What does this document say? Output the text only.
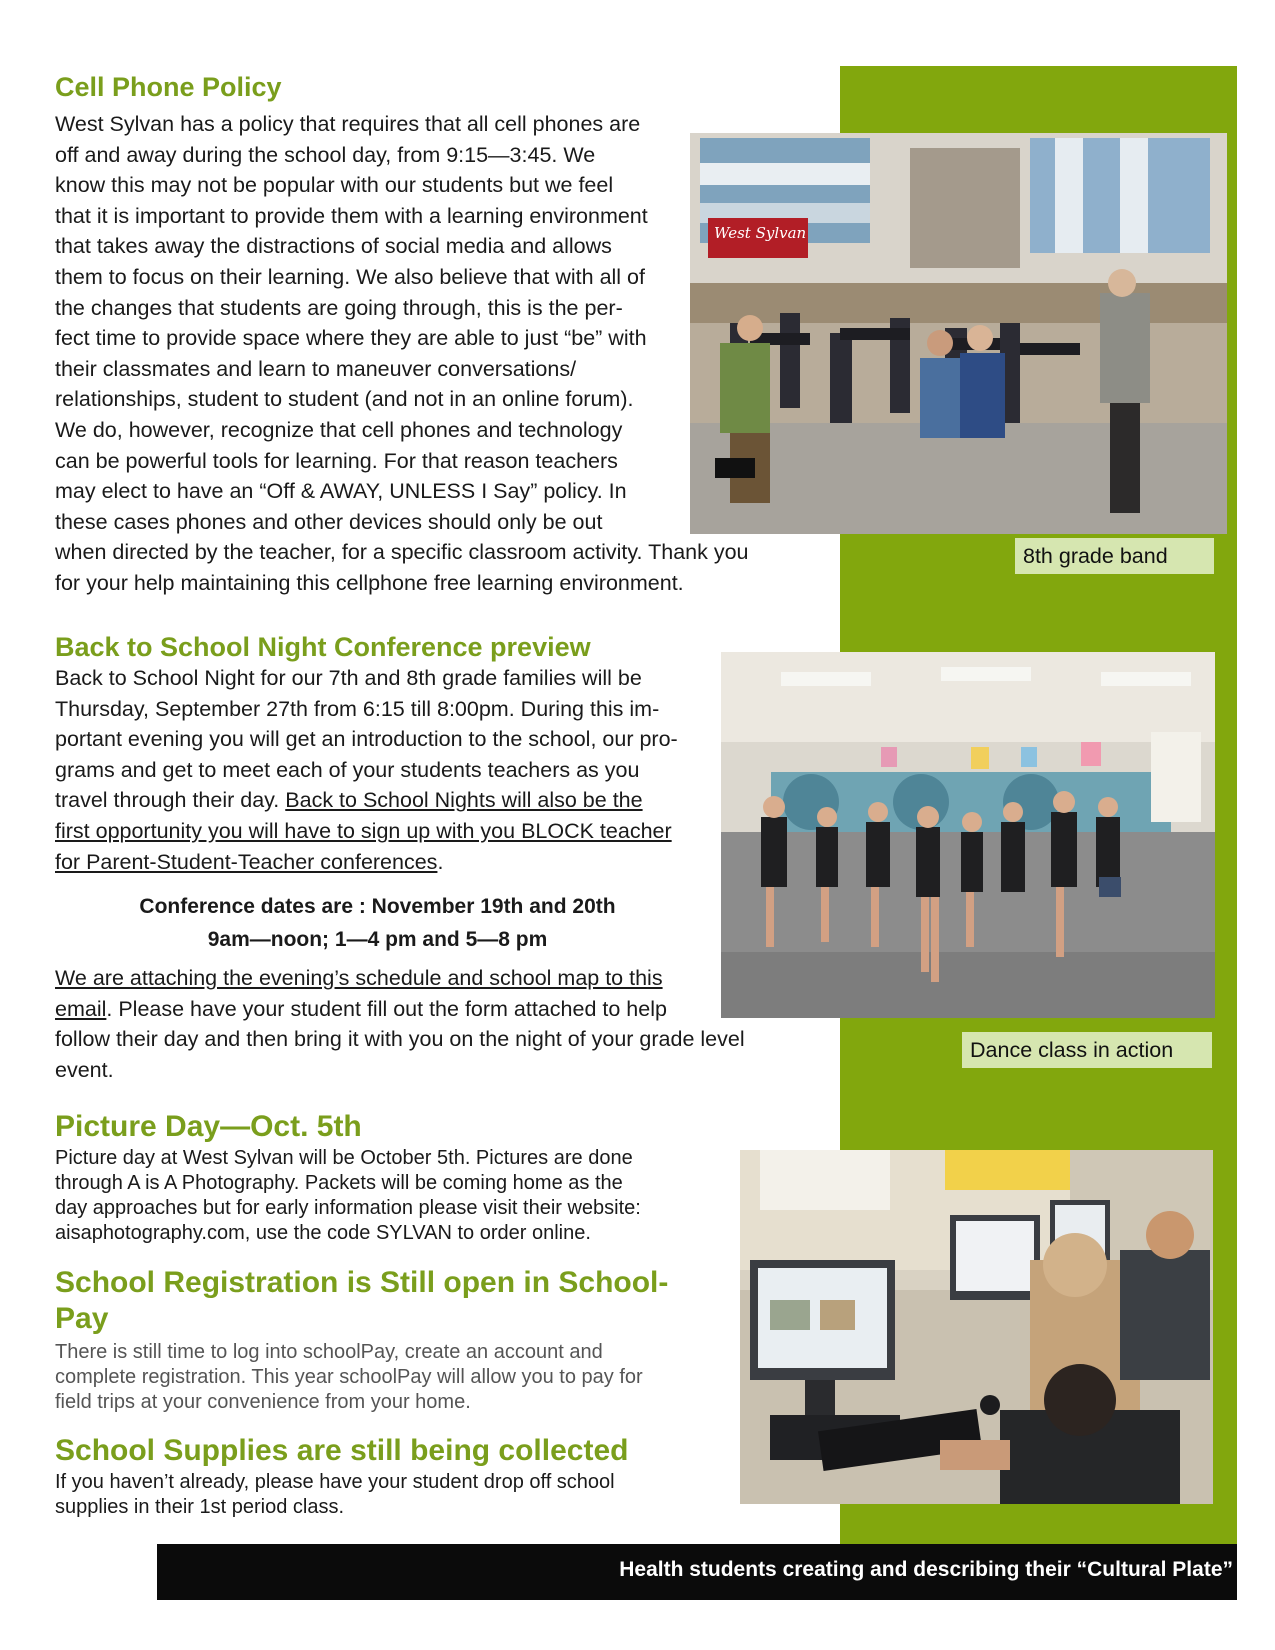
Health students creating and describing their “Cultural Plate”
Cell Phone Policy
West Sylvan has a policy that requires that all cell phones are
off and away during the school day, from 9:15—3:45. We
know this may not be popular with our students but we feel
that it is important to provide them with a learning environment
that takes away the distractions of social media and allows
them to focus on their learning. We also believe that with all of
the changes that students are going through, this is the per-
fect time to provide space where they are able to just “be” with
their classmates and learn to maneuver conversations/
relationships, student to student (and not in an online forum).
We do, however, recognize that cell phones and technology
can be powerful tools for learning. For that reason teachers
may elect to have an “Off & AWAY, UNLESS I Say” policy. In
these cases phones and other devices should only be out
when directed by the teacher, for a specific classroom activity. Thank you
for your help maintaining this cellphone free learning environment.
West Sylvan
8th grade band
Back to School Night Conference preview
Back to School Night for our 7th and 8th grade families will be
Thursday, September 27th from 6:15 till 8:00pm. During this im-
portant evening you will get an introduction to the school, our pro-
grams and get to meet each of your students teachers as you
travel through their day. Back to School Nights will also be the
first opportunity you will have to sign up with you BLOCK teacher
for Parent-Student-Teacher conferences.
Conference dates are : November 19th and 20th
9am—noon; 1—4 pm and 5—8 pm
We are attaching the evening’s schedule and school map to this
email. Please have your student fill out the form attached to help
follow their day and then bring it with you on the night of your grade level
event.
Dance class in action
Picture Day—Oct. 5th
Picture day at West Sylvan will be October 5th. Pictures are done
through A is A Photography. Packets will be coming home as the
day approaches but for early information please visit their website:
aisaphotography.com, use the code SYLVAN to order online.
School Registration is Still open in School-
Pay
There is still time to log into schoolPay, create an account and
complete registration. This year schoolPay will allow you to pay for
field trips at your convenience from your home.
School Supplies are still being collected
If you haven’t already, please have your student drop off school
supplies in their 1st period class.
